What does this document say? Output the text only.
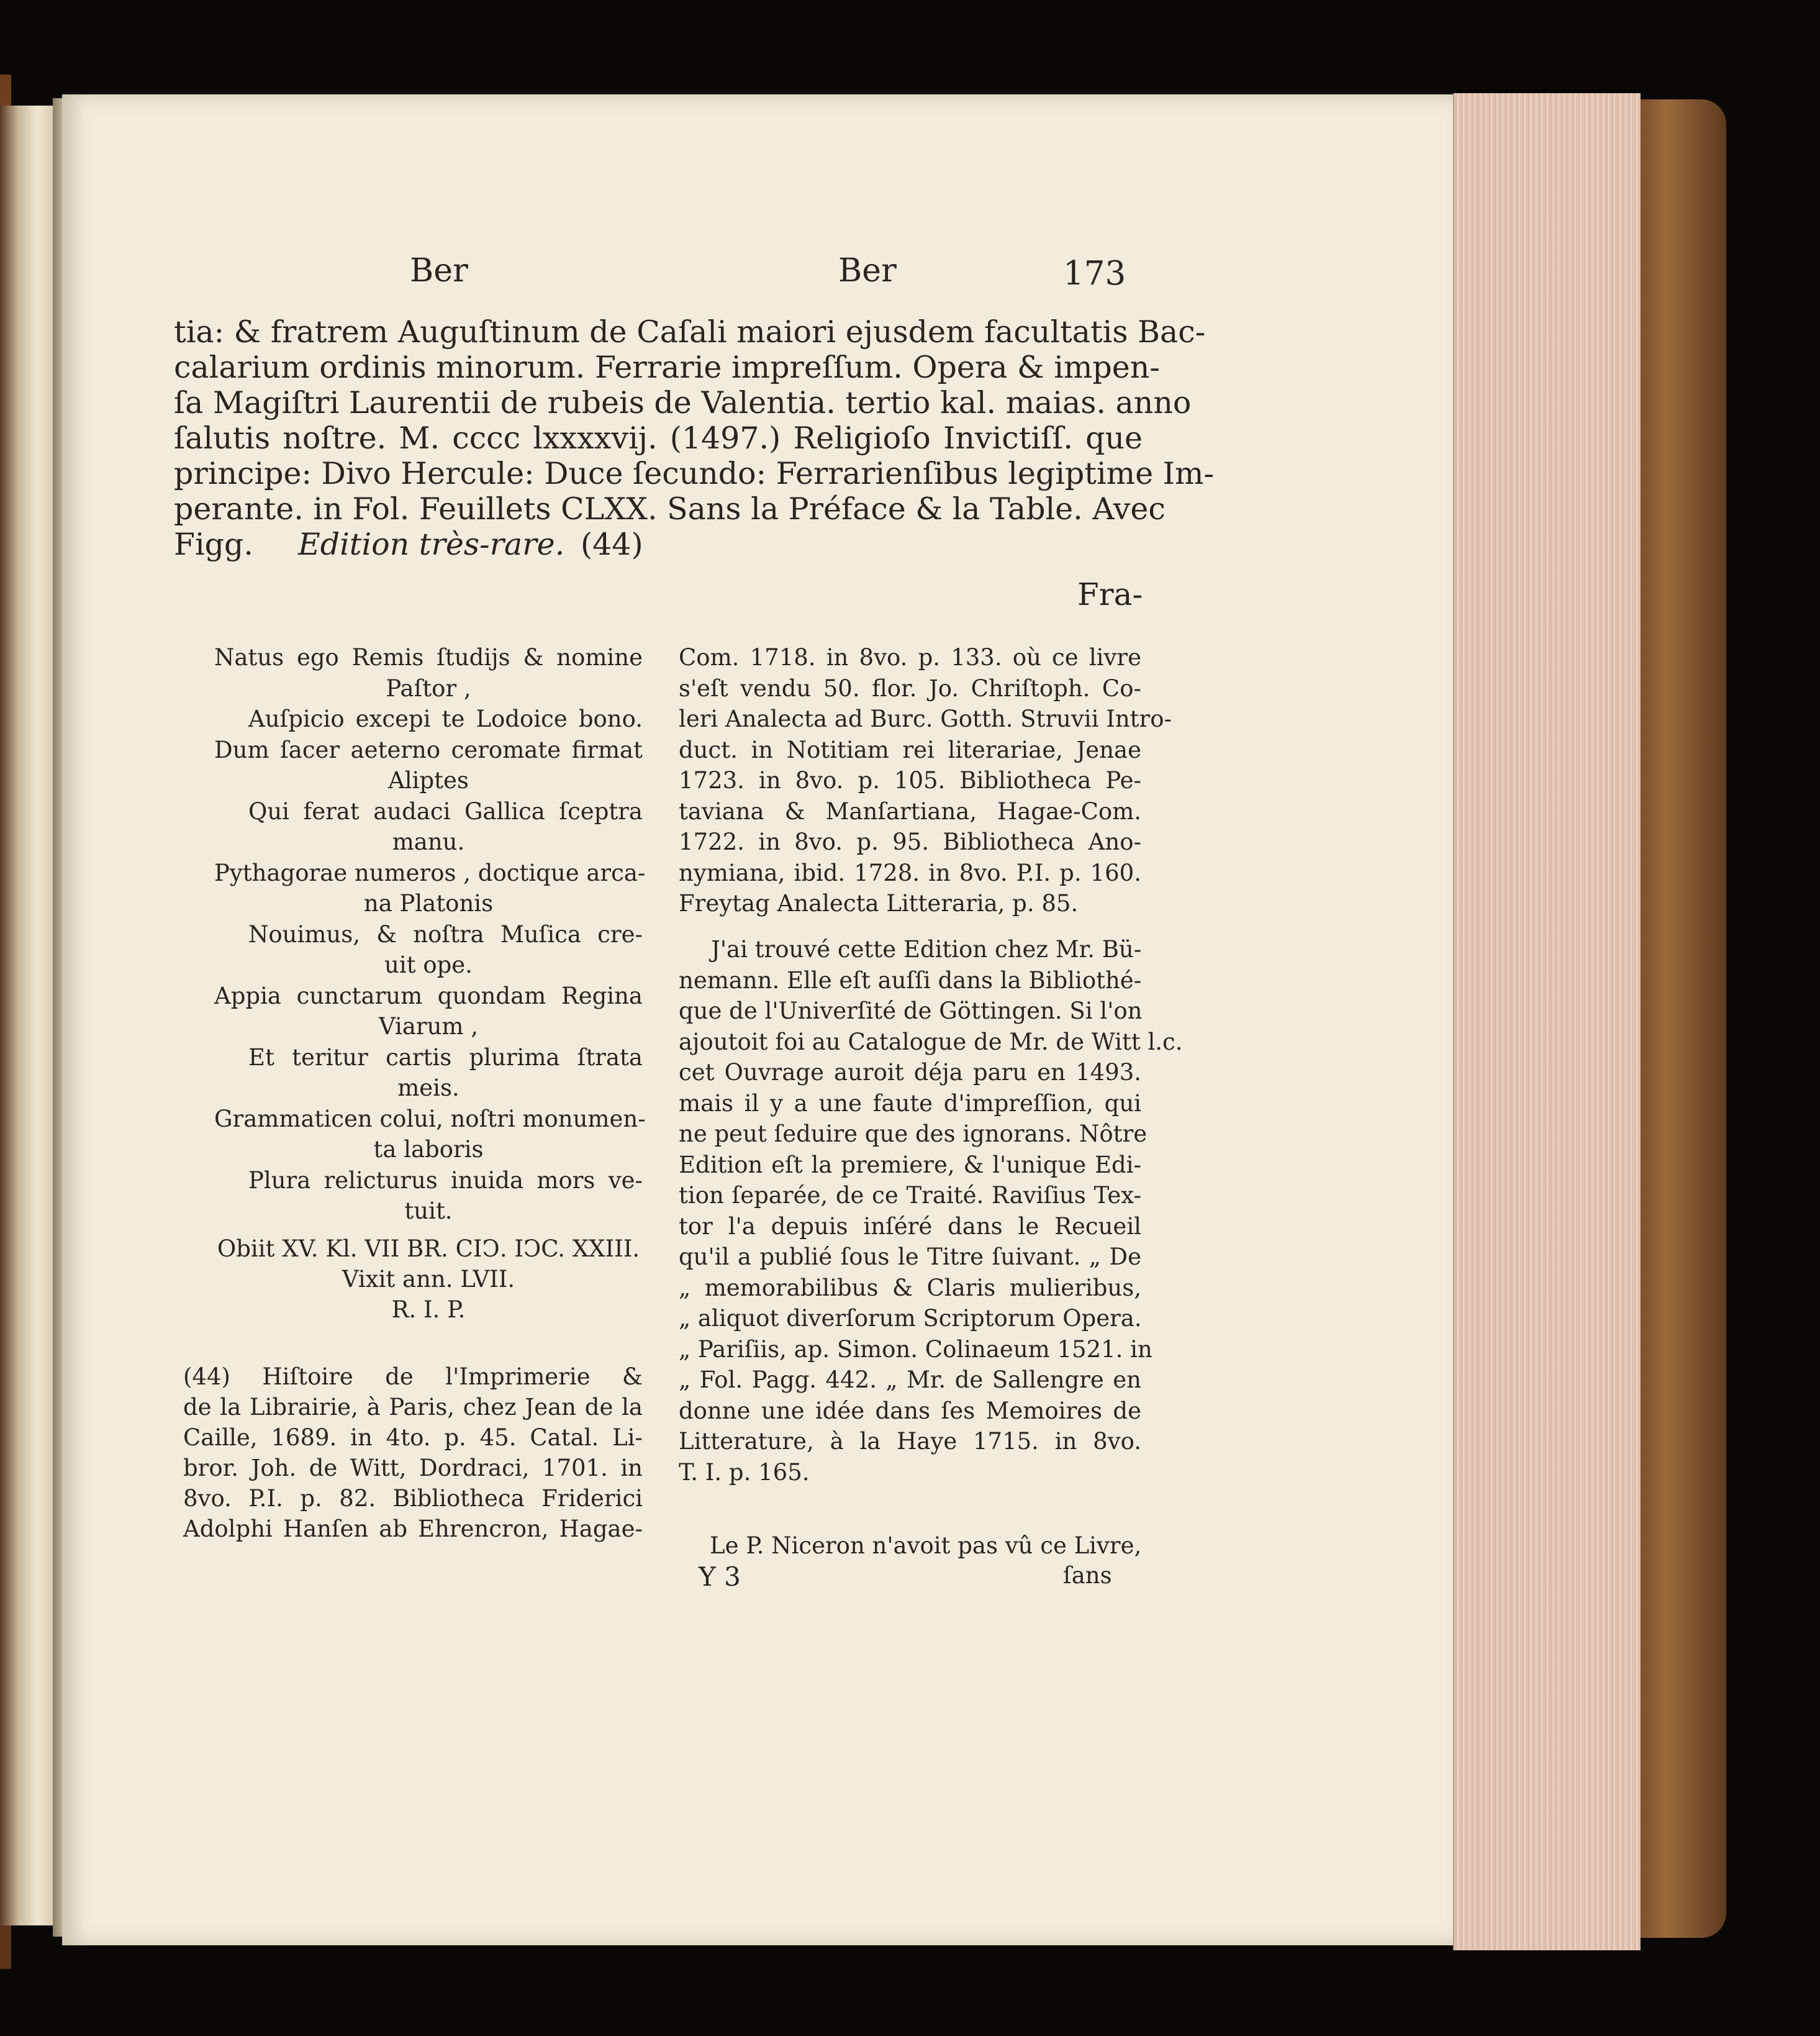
Ber	Ber	173

tia: & fratrem Auguſtinum de Caſali maiori ejusdem facultatis Bac-

calarium ordinis minorum. Ferrarie impreſſum. Opera & impen-

ſa Magiſtri Laurentii de rubeis de Valentia. tertio kal. maias. anno

ſalutis noſtre. M. cccc lxxxxvij. (1497.) Religioſo Invictiſſ. que

principe: Divo Hercule: Duce ſecundo: Ferrarienſibus legiptime Im-

perante. in Fol. Feuillets CLXX. Sans la Préface & la Table. Avec

Figg. Edition très-rare. (44)

Fra-

Natus ego Remis ſtudijs & nomine

Paſtor ,

Auſpicio excepi te Lodoice bono.

Dum ſacer aeterno ceromate firmat

Aliptes

Qui ferat audaci Gallica ſceptra

manu.

Pythagorae numeros , doctique arca-

na Platonis

Nouimus, & noſtra Muſica cre-

uit ope.

Appia cunctarum quondam Regina

Viarum ,

Et teritur cartis plurima ſtrata

meis.

Grammaticen colui, noſtri monumen-

ta laboris

Plura relicturus inuida mors ve-

tuit.

Obiit XV. Kl. VII BR. CIↃ. IↃC. XXIII.

Vixit ann. LVII.

R. I. P.

(44) Hiſtoire de l'Imprimerie &

de la Librairie, à Paris, chez Jean de la

Caille, 1689. in 4to. p. 45. Catal. Li-

bror. Joh. de Witt, Dordraci, 1701. in

8vo. P.I. p. 82. Bibliotheca Friderici

Adolphi Hanſen ab Ehrencron, Hagae-

Com. 1718. in 8vo. p. 133. où ce livre

s'eſt vendu 50. flor. Jo. Chriſtoph. Co-

leri Analecta ad Burc. Gotth. Struvii Intro-

duct. in Notitiam rei literariae, Jenae

1723. in 8vo. p. 105. Bibliotheca Pe-

taviana & Manſartiana, Hagae-Com.

1722. in 8vo. p. 95. Bibliotheca Ano-

nymiana, ibid. 1728. in 8vo. P.I. p. 160.

Freytag Analecta Litteraria, p. 85.

J'ai trouvé cette Edition chez Mr. Bü-

nemann. Elle eſt auſſi dans la Bibliothé-

que de l'Univerſité de Göttingen. Si l'on

ajoutoit foi au Catalogue de Mr. de Witt l.c.

cet Ouvrage auroit déja paru en 1493.

mais il y a une faute d'impreſſion, qui

ne peut ſeduire que des ignorans. Nôtre

Edition eſt la premiere, & l'unique Edi-

tion ſeparée, de ce Traité. Raviſius Tex-

tor l'a depuis inſéré dans le Recueil

qu'il a publié ſous le Titre ſuivant. „ De

„ memorabilibus & Claris mulieribus,

„ aliquot diverſorum Scriptorum Opera.

„ Pariſiis, ap. Simon. Colinaeum 1521. in

„ Fol. Pagg. 442. „ Mr. de Sallengre en

donne une idée dans ſes Memoires de

Litterature, à la Haye 1715. in 8vo.

T. I. p. 165.

Le P. Niceron n'avoit pas vû ce Livre,

Y 3	ſans
